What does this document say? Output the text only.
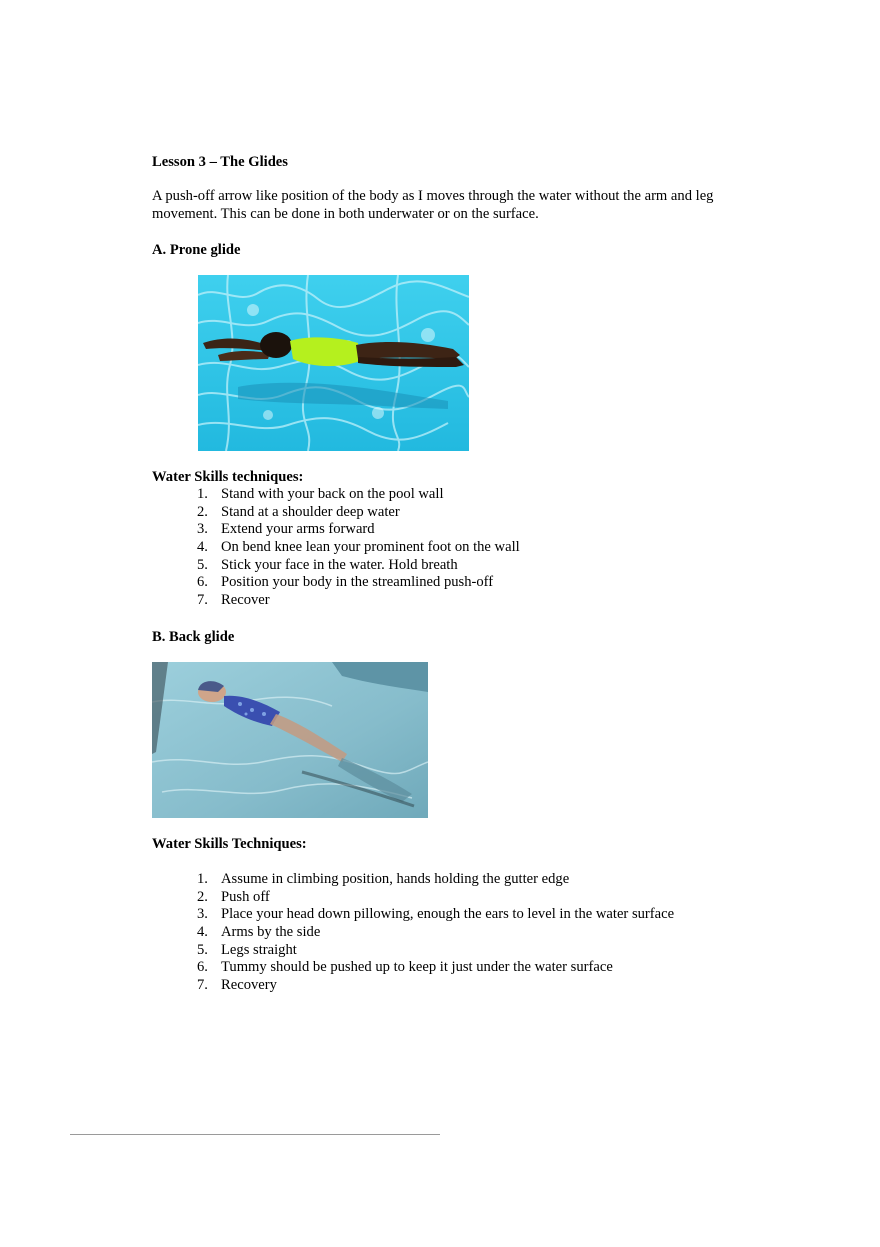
Lesson 3 – The Glides

A push-off arrow like position of the body as I moves through the water without the arm and leg movement. This can be done in both underwater or on the surface.

A. Prone glide
Water Skills techniques:
1. Stand with your back on the pool wall
2. Stand at a shoulder deep water
3. Extend your arms forward
4. On bend knee lean your prominent foot on the wall
5. Stick your face in the water. Hold breath
6. Position your body in the streamlined push-off
7. Recover
B. Back glide
Water Skills Techniques:
1. Assume in climbing position, hands holding the gutter edge
2. Push off
3. Place your head down pillowing, enough the ears to level in the water surface
4. Arms by the side
5. Legs straight
6. Tummy should be pushed up to keep it just under the water surface
7. Recovery
